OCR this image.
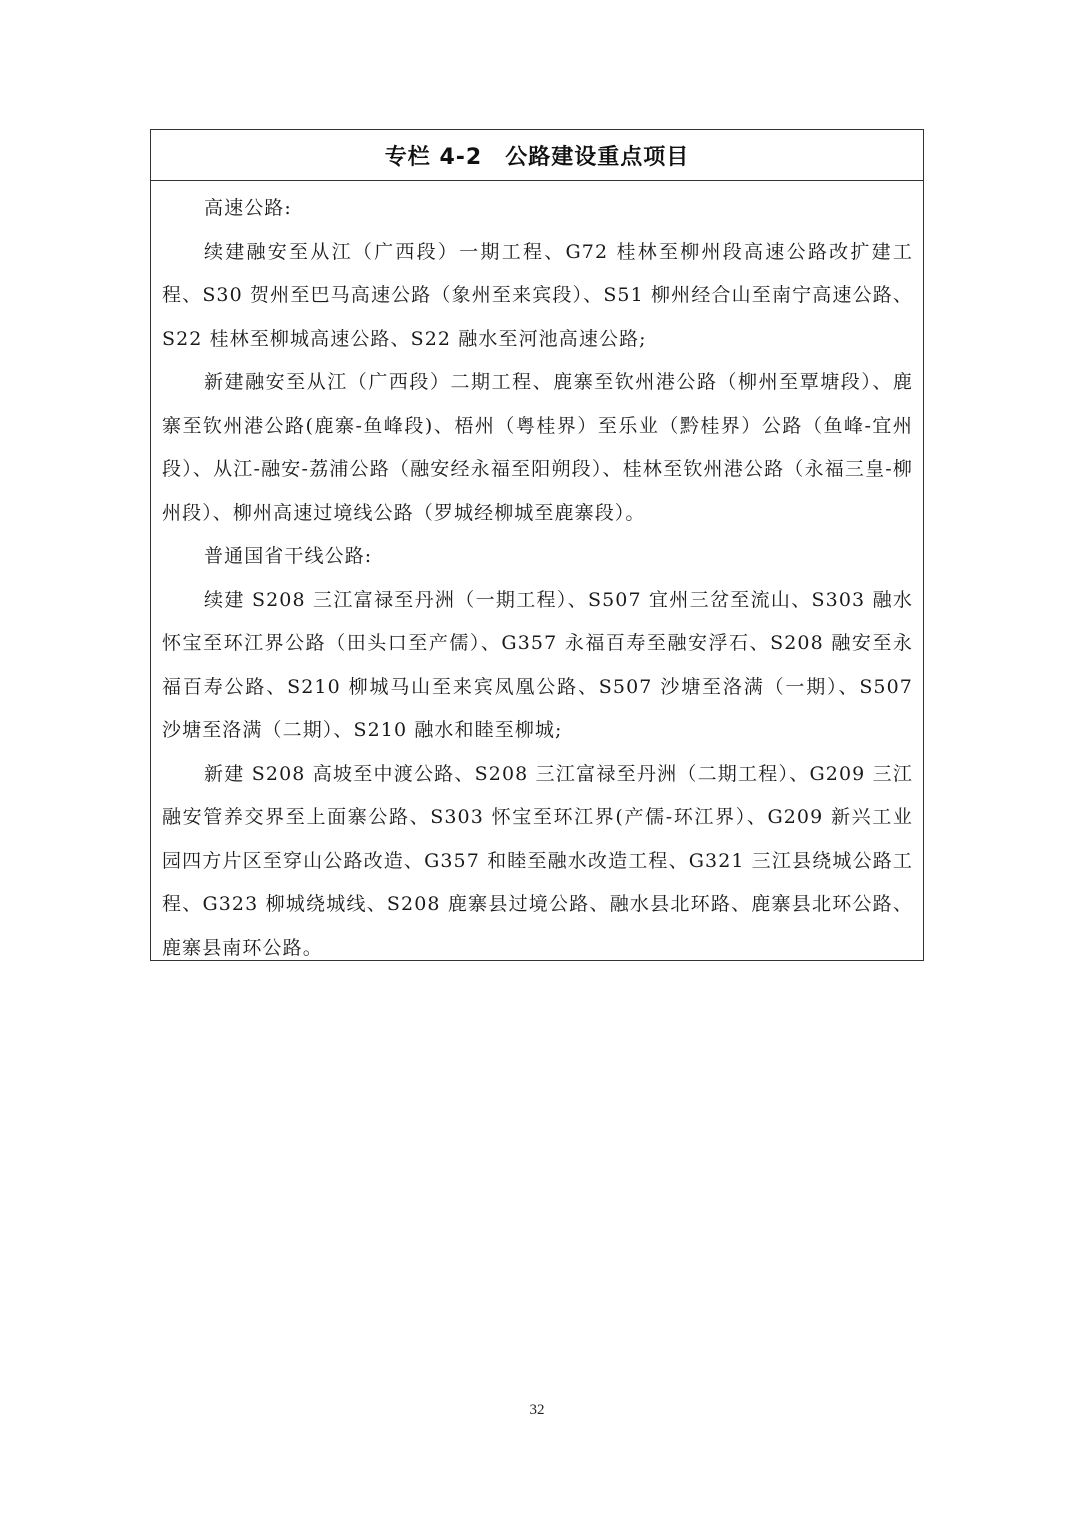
专栏 4-2　公路建设重点项目

高速公路:

续建融安至从江（广西段）一期工程、G72 桂林至柳州段高速公路改扩建工程、S30 贺州至巴马高速公路（象州至来宾段）、S51 柳州经合山至南宁高速公路、S22 桂林至柳城高速公路、S22 融水至河池高速公路;

新建融安至从江（广西段）二期工程、鹿寨至钦州港公路（柳州至覃塘段）、鹿寨至钦州港公路(鹿寨-鱼峰段)、梧州（粤桂界）至乐业（黔桂界）公路（鱼峰-宜州段）、从江-融安-荔浦公路（融安经永福至阳朔段）、桂林至钦州港公路（永福三皇-柳州段）、柳州高速过境线公路（罗城经柳城至鹿寨段）。

普通国省干线公路:

续建 S208 三江富禄至丹洲（一期工程）、S507 宜州三岔至流山、S303 融水怀宝至环江界公路（田头口至产儒）、G357 永福百寿至融安浮石、S208 融安至永福百寿公路、S210 柳城马山至来宾凤凰公路、S507 沙塘至洛满（一期）、S507 沙塘至洛满（二期）、S210 融水和睦至柳城;

新建 S208 高坡至中渡公路、S208 三江富禄至丹洲（二期工程）、G209 三江融安管养交界至上面寨公路、S303 怀宝至环江界(产儒-环江界）、G209 新兴工业园四方片区至穿山公路改造、G357 和睦至融水改造工程、G321 三江县绕城公路工程、G323 柳城绕城线、S208 鹿寨县过境公路、融水县北环路、鹿寨县北环公路、鹿寨县南环公路。

32
